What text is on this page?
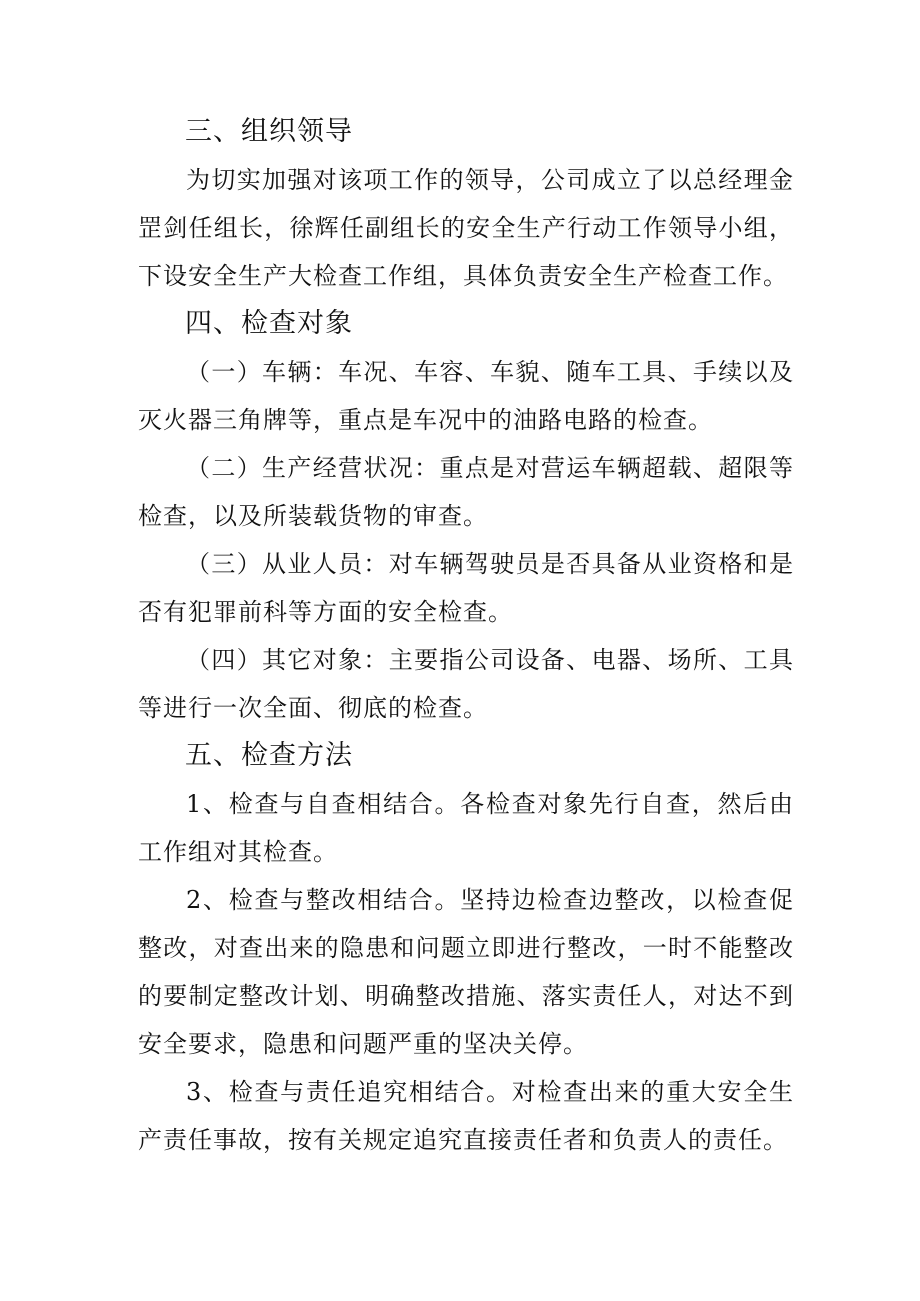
三、组织领导

为切实加强对该项工作的领导，公司成立了以总经理金罡剑任组长，徐辉任副组长的安全生产行动工作领导小组，下设安全生产大检查工作组，具体负责安全生产检查工作。

四、检查对象

（一）车辆：车况、车容、车貌、随车工具、手续以及灭火器三角牌等，重点是车况中的油路电路的检查。

（二）生产经营状况：重点是对营运车辆超载、超限等检查，以及所装载货物的审查。

（三）从业人员：对车辆驾驶员是否具备从业资格和是否有犯罪前科等方面的安全检查。

（四）其它对象：主要指公司设备、电器、场所、工具等进行一次全面、彻底的检查。

五、检查方法

1、检查与自查相结合。各检查对象先行自查，然后由工作组对其检查。

2、检查与整改相结合。坚持边检查边整改，以检查促整改，对查出来的隐患和问题立即进行整改，一时不能整改的要制定整改计划、明确整改措施、落实责任人，对达不到安全要求，隐患和问题严重的坚决关停。

3、检查与责任追究相结合。对检查出来的重大安全生产责任事故，按有关规定追究直接责任者和负责人的责任。
